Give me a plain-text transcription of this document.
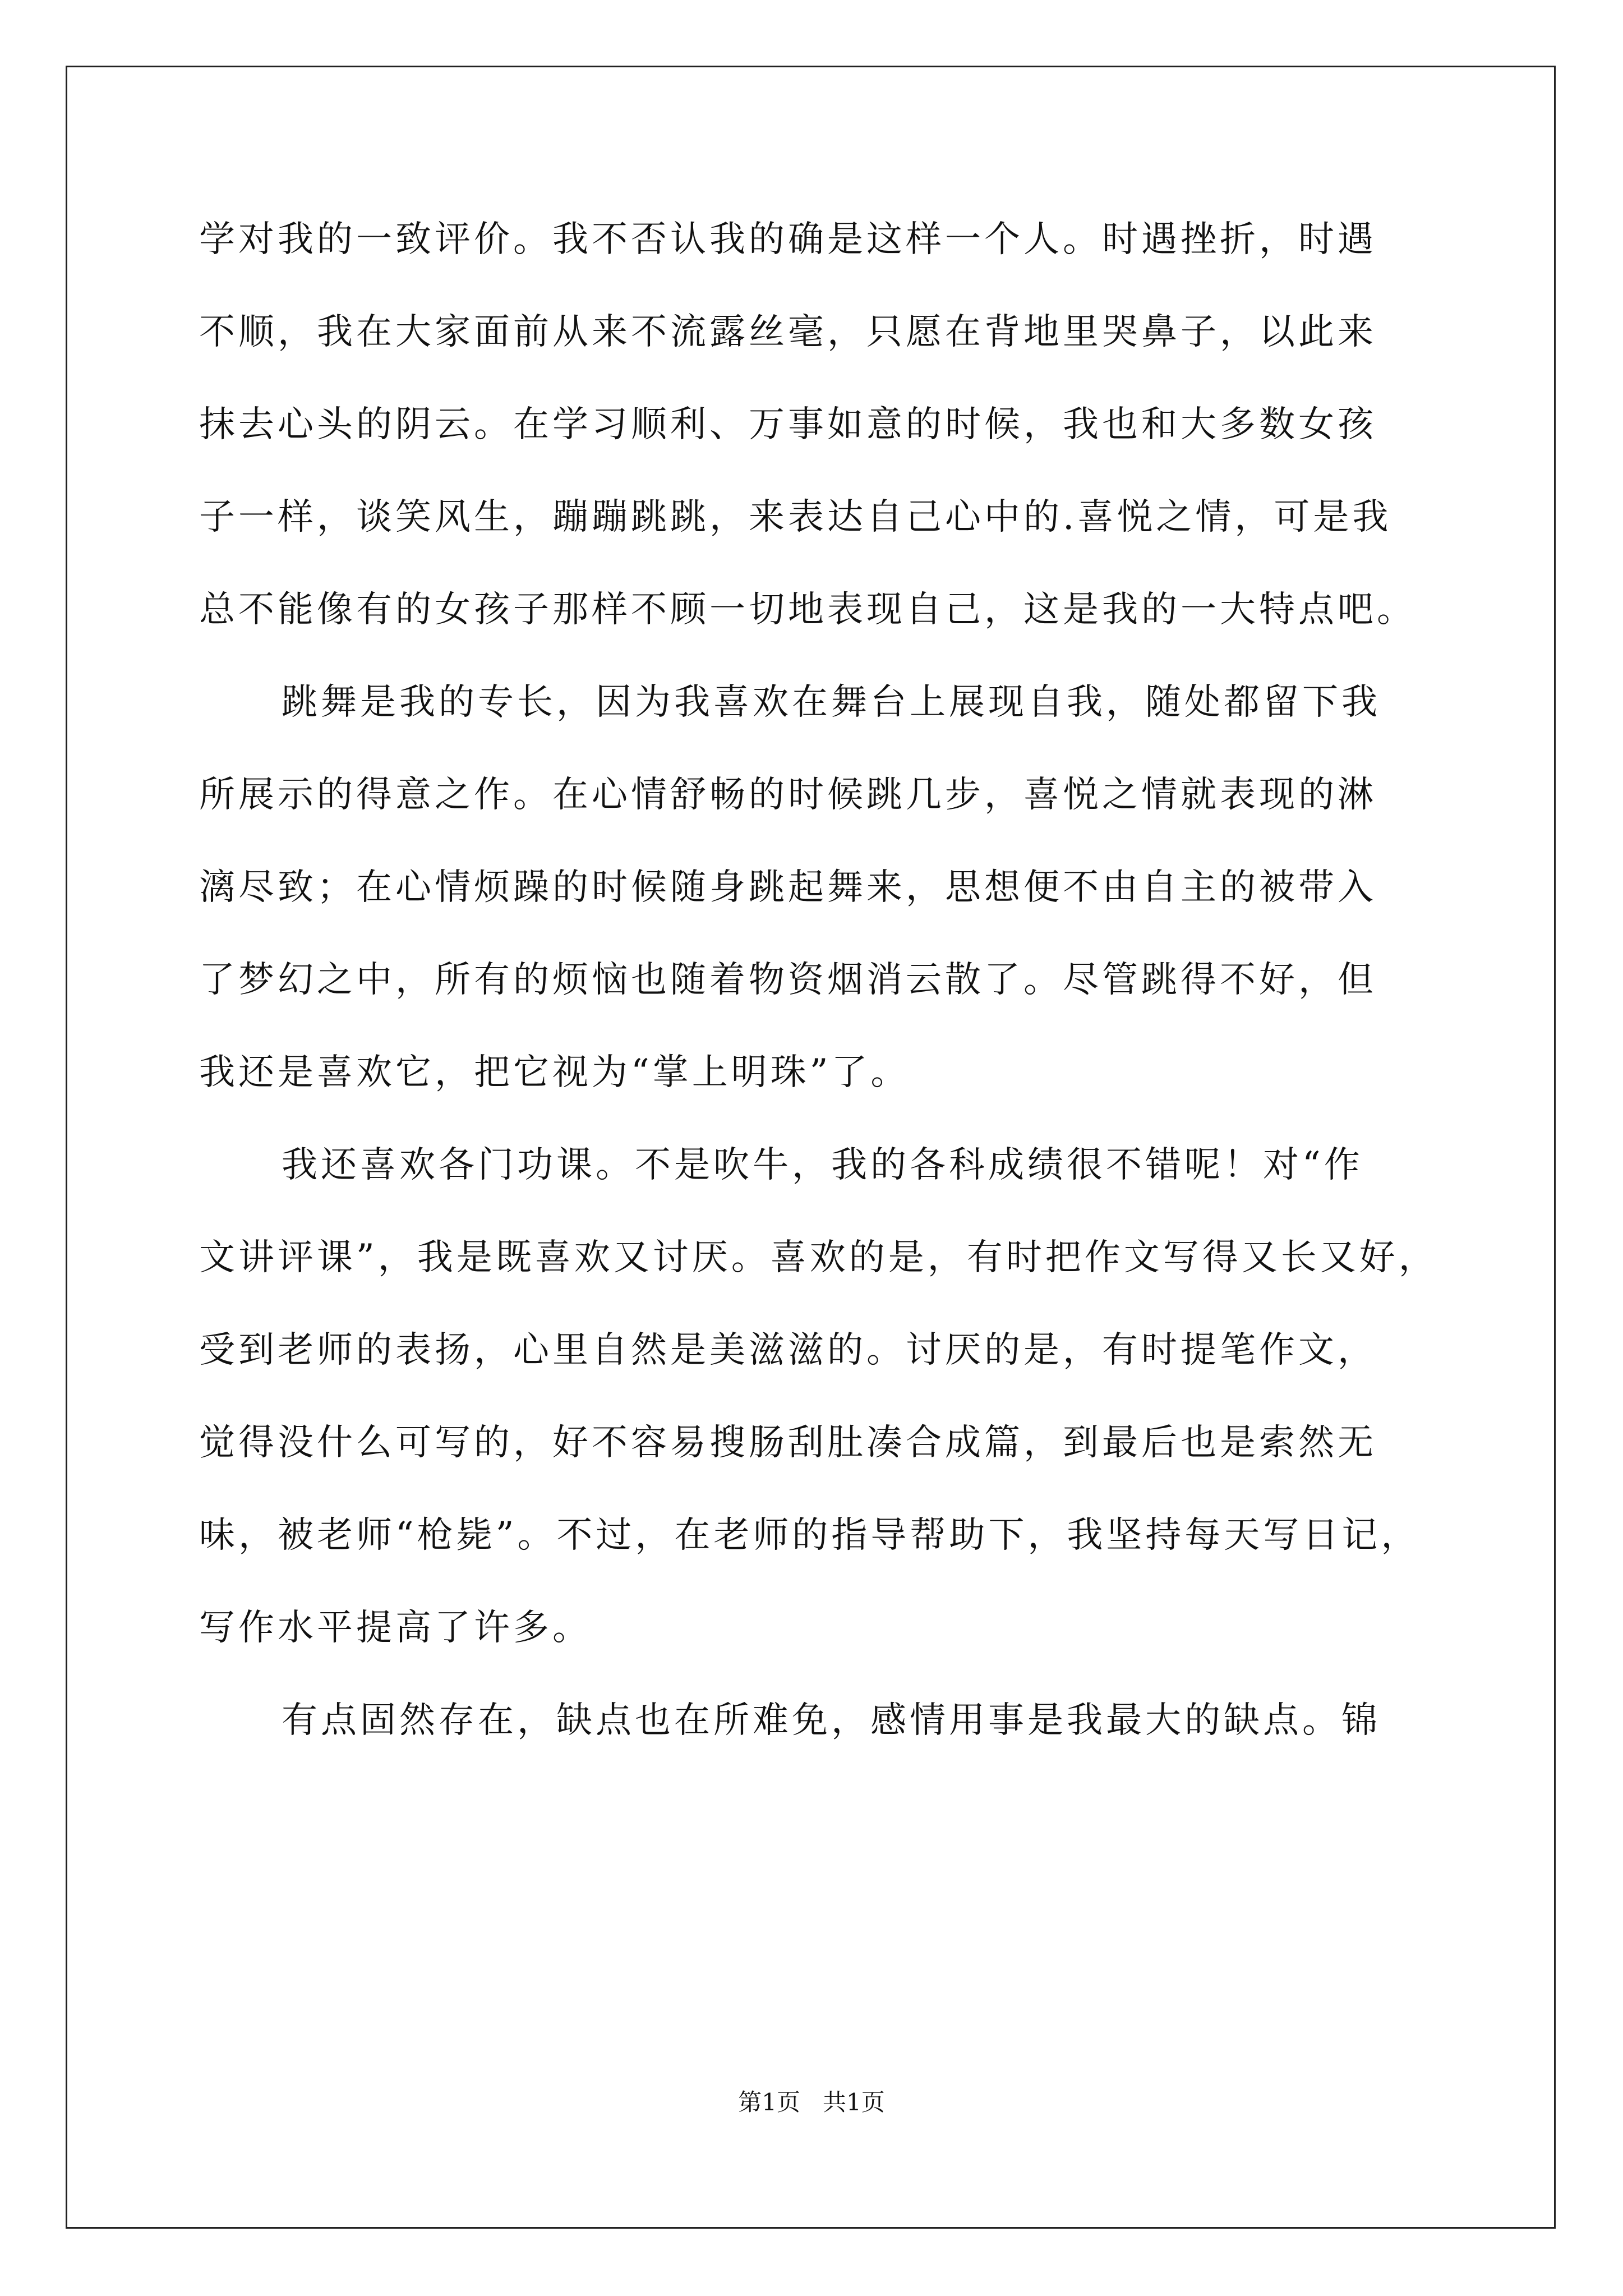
学对我的一致评价。我不否认我的确是这样一个人。时遇挫折，时遇
不顺，我在大家面前从来不流露丝毫，只愿在背地里哭鼻子，以此来
抹去心头的阴云。在学习顺利、万事如意的时候，我也和大多数女孩
子一样，谈笑风生，蹦蹦跳跳，来表达自己心中的.喜悦之情，可是我
总不能像有的女孩子那样不顾一切地表现自己，这是我的一大特点吧。
跳舞是我的专长，因为我喜欢在舞台上展现自我，随处都留下我
所展示的得意之作。在心情舒畅的时候跳几步，喜悦之情就表现的淋
漓尽致；在心情烦躁的时候随身跳起舞来，思想便不由自主的被带入
了梦幻之中，所有的烦恼也随着物资烟消云散了。尽管跳得不好，但
我还是喜欢它，把它视为“掌上明珠”了。
我还喜欢各门功课。不是吹牛，我的各科成绩很不错呢！对“作
文讲评课”，我是既喜欢又讨厌。喜欢的是，有时把作文写得又长又好，
受到老师的表扬，心里自然是美滋滋的。讨厌的是，有时提笔作文，
觉得没什么可写的，好不容易搜肠刮肚凑合成篇，到最后也是索然无
味，被老师“枪毙”。不过，在老师的指导帮助下，我坚持每天写日记，
写作水平提高了许多。
有点固然存在，缺点也在所难免，感情用事是我最大的缺点。锦
第1页 共1页
